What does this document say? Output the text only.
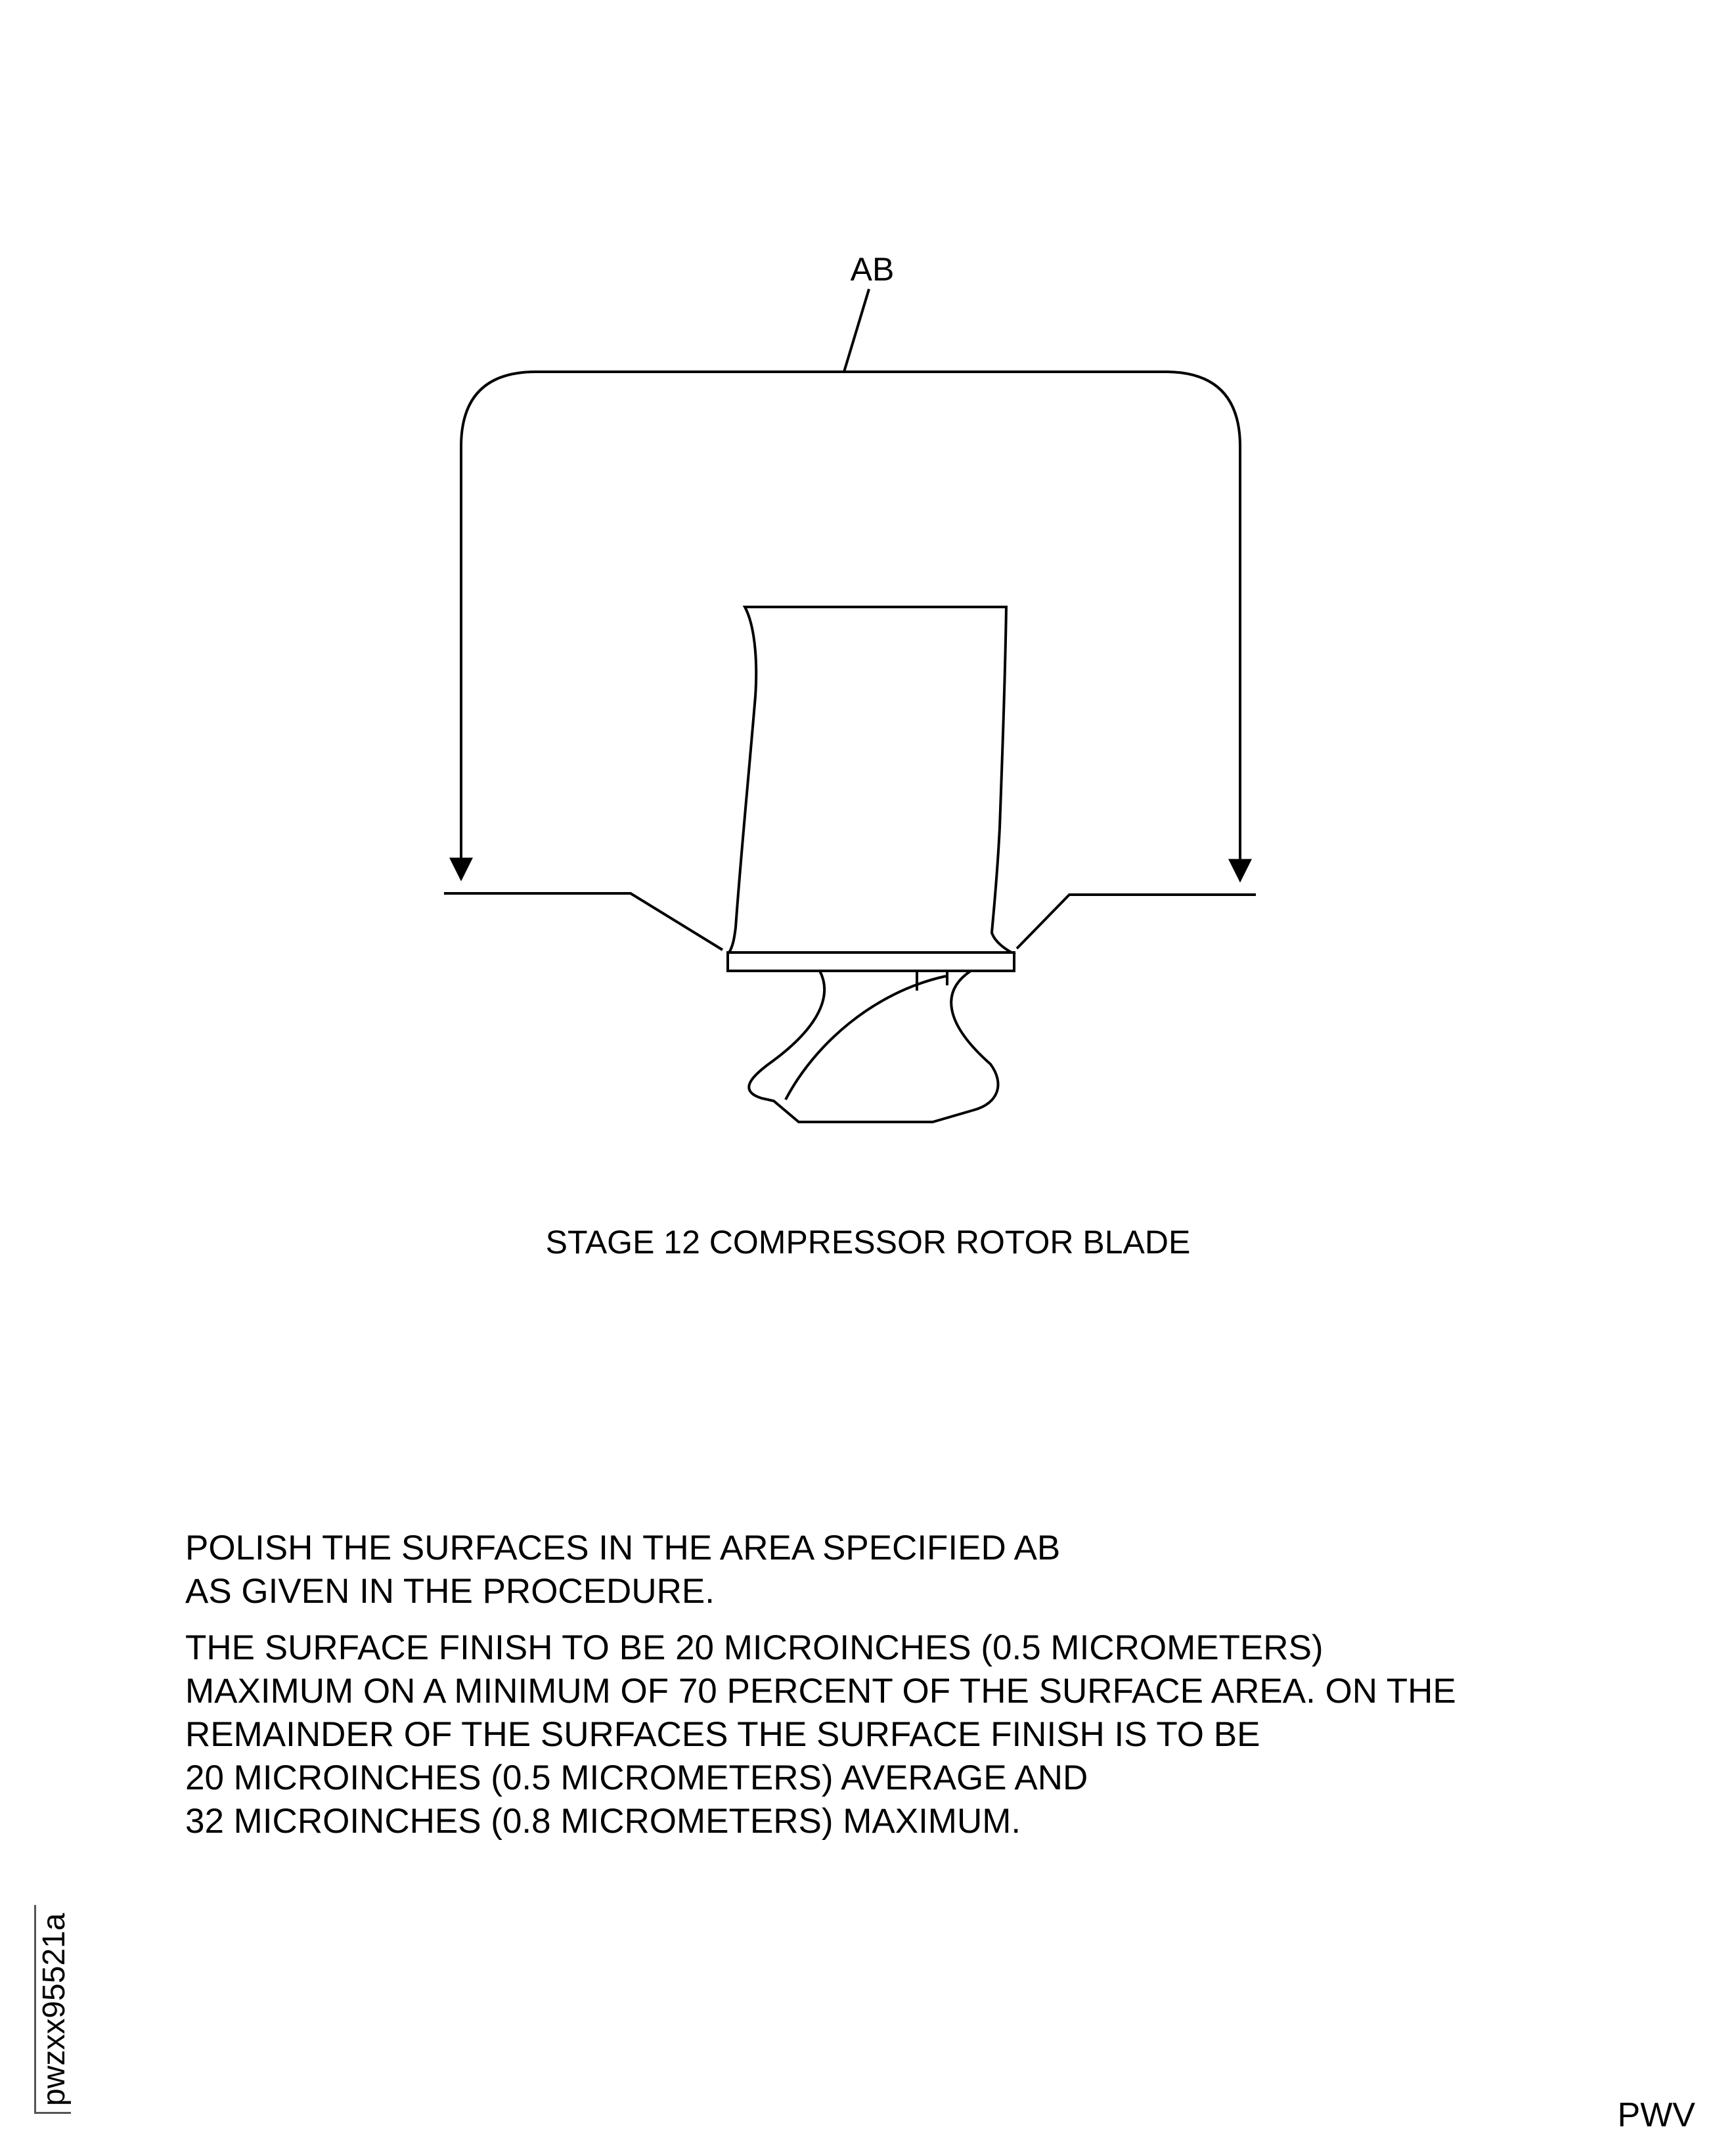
AB
STAGE 12 COMPRESSOR ROTOR BLADE
POLISH THE SURFACES IN THE AREA SPECIFIED AB
AS GIVEN IN THE PROCEDURE.
THE SURFACE FINISH TO BE 20 MICROINCHES (0.5 MICROMETERS)
MAXIMUM ON A MINIMUM OF 70 PERCENT OF THE SURFACE AREA. ON THE
REMAINDER OF THE SURFACES THE SURFACE FINISH IS TO BE
20 MICROINCHES (0.5 MICROMETERS) AVERAGE AND
32 MICROINCHES (0.8 MICROMETERS) MAXIMUM.
pwzxx95521a
PWV
